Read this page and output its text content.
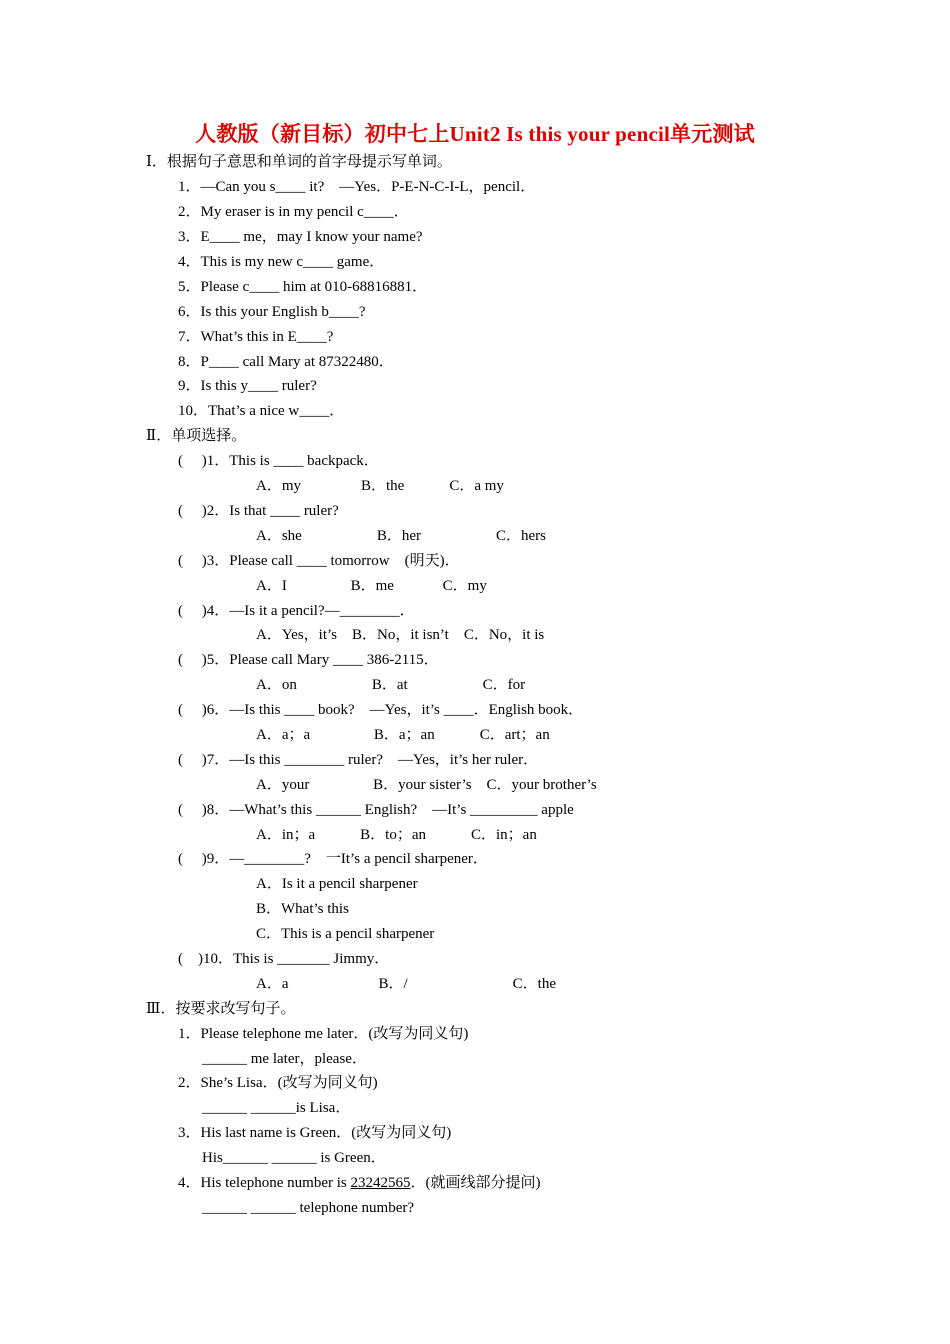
人教版（新目标）初中七上Unit2 Is this your pencil单元测试
Ⅰ．根据句子意思和单词的首字母提示写单词。
1．—Can you s____ it?　—Yes．P-E-N-C-I-L，pencil．
2．My eraser is in my pencil c____．
3．E____ me，may I know your name?
4．This is my new c____ game．
5．Please c____ him at 010-68816881．
6．Is this your English b____?
7．What’s this in E____?
8．P____ call Mary at 87322480．
9．Is this y____ ruler?
10．That’s a nice w____．
Ⅱ．单项选择。
(　 )1．This is ____ backpack．
A．my　　　　B．the　　　C．a my
(　 )2．Is that ____ ruler?
A．she　　　　　B．her　　　　　C．hers
(　 )3．Please call ____ tomorrow　(明天)．
A．I　　　　 B．me　　　 C．my
(　 )4．—Is it a pencil?—________．
A．Yes，it’s　B．No，it isn’t　C．No，it is
(　 )5．Please call Mary ____ 386-2115．
A．on　　　　　B．at　　　　　C．for
(　 )6．—Is this ____ book?　—Yes，it’s ____．English book．
A．a；a　　　　 B．a；an　　　C．art；an
(　 )7．—Is this ________ ruler?　—Yes，it’s her ruler．
A．your　　　　 B．your sister’s　C．your brother’s
(　 )8．—What’s this ______ English?　—It’s _________ apple
A．in；a　　　B．to；an　　　C．in；an
(　 )9．—________?　一It’s a pencil sharpener．
A．Is it a pencil sharpener
B．What’s this
C．This is a pencil sharpener
(　)10．This is _______ Jimmy．
A．a　　　　　　B．/　　　　　　　C．the
Ⅲ．按要求改写句子。
1．Please telephone me later．(改写为同义句)
______ me later，please．
2．She’s Lisa．(改写为同义句)
______ ______is Lisa．
3．His last name is Green．(改写为同义句)
His______ ______ is Green．
4．His telephone number is 23242565．(就画线部分提问)
______ ______ telephone number?
